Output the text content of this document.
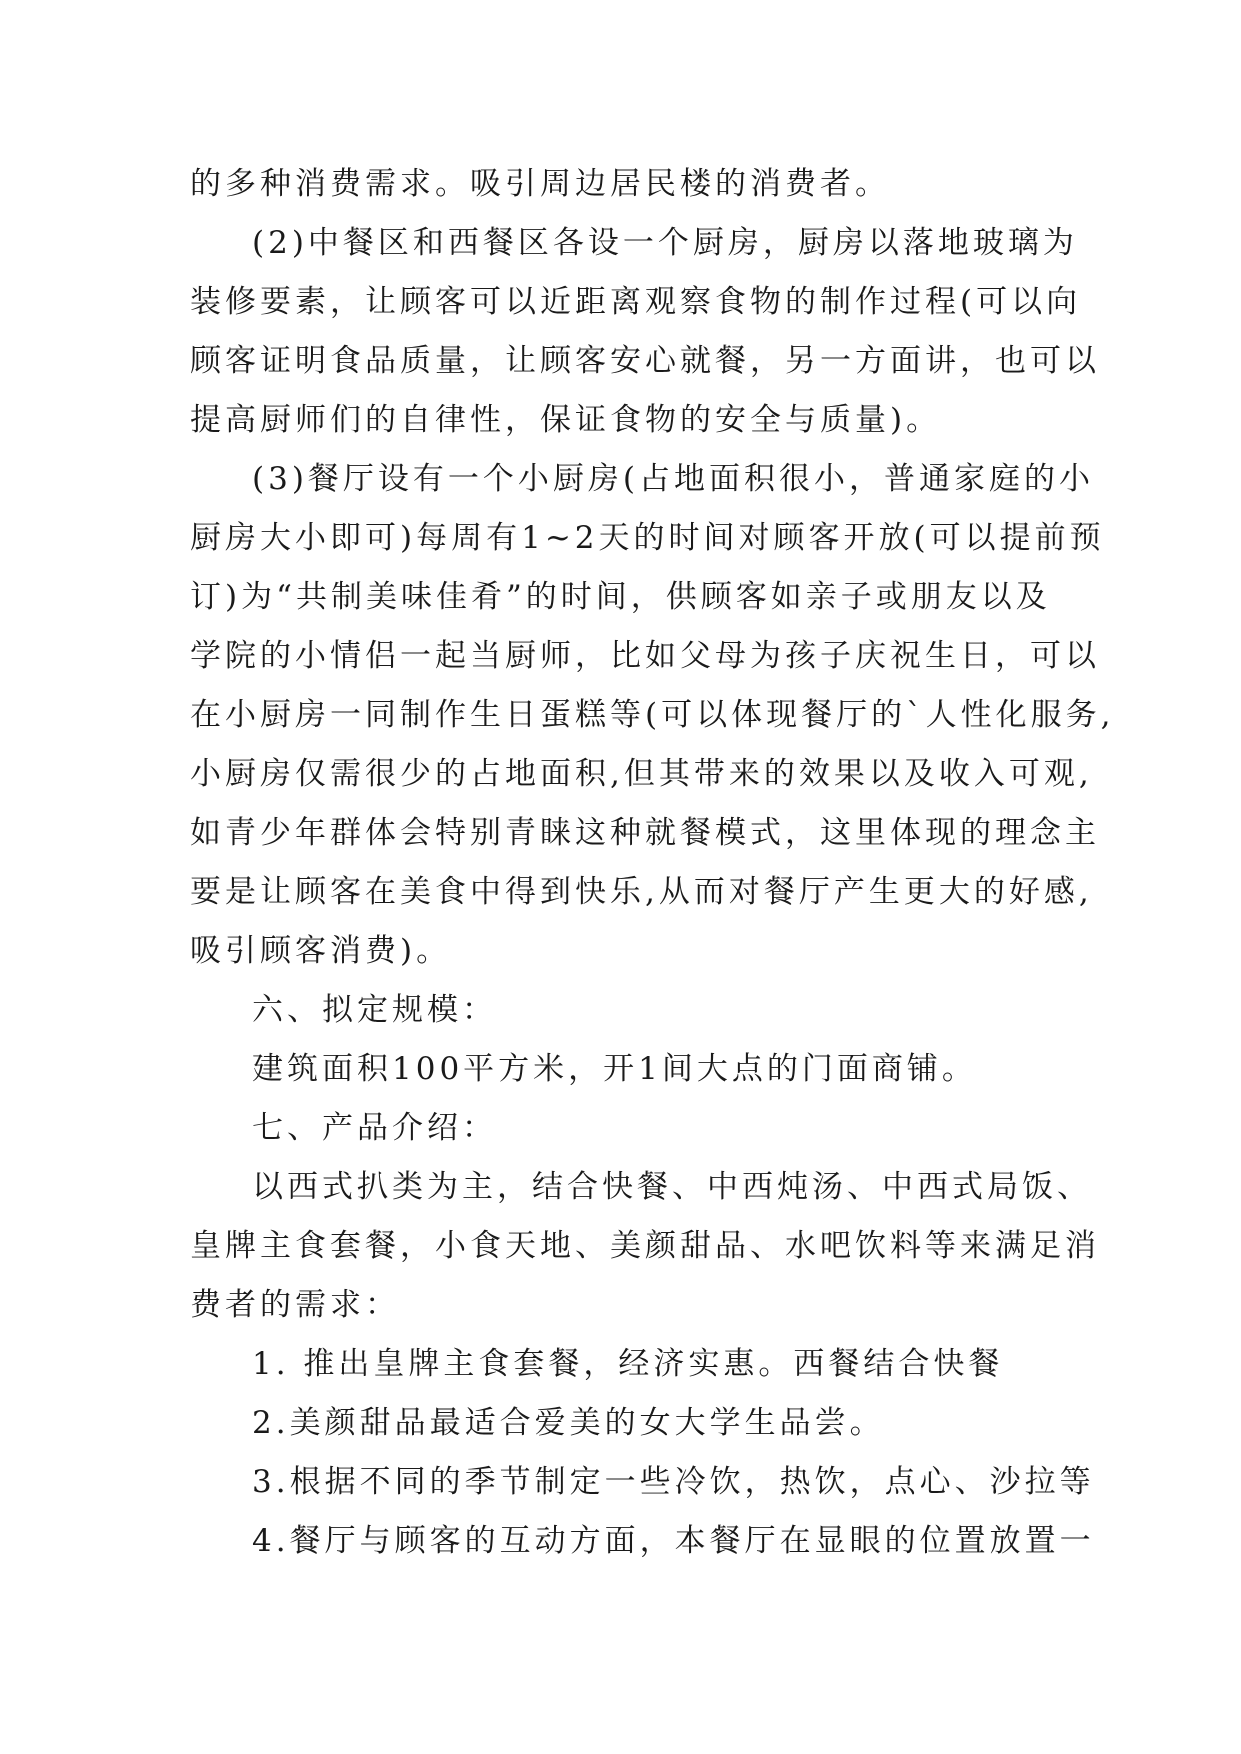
的多种消费需求。吸引周边居民楼的消费者。
(2)中餐区和西餐区各设一个厨房，厨房以落地玻璃为
装修要素，让顾客可以近距离观察食物的制作过程(可以向
顾客证明食品质量，让顾客安心就餐，另一方面讲，也可以
提高厨师们的自律性，保证食物的安全与质量)。
(3)餐厅设有一个小厨房(占地面积很小，普通家庭的小
厨房大小即可)每周有1~2天的时间对顾客开放(可以提前预
订)为“共制美味佳肴”的时间，供顾客如亲子或朋友以及
学院的小情侣一起当厨师，比如父母为孩子庆祝生日，可以
在小厨房一同制作生日蛋糕等(可以体现餐厅的`人性化服务,
小厨房仅需很少的占地面积,但其带来的效果以及收入可观,
如青少年群体会特别青睐这种就餐模式，这里体现的理念主
要是让顾客在美食中得到快乐,从而对餐厅产生更大的好感,
吸引顾客消费)。
六、拟定规模：
建筑面积100平方米，开1间大点的门面商铺。
七、产品介绍：
以西式扒类为主，结合快餐、中西炖汤、中西式局饭、
皇牌主食套餐，小食天地、美颜甜品、水吧饮料等来满足消
费者的需求：
1. 推出皇牌主食套餐，经济实惠。西餐结合快餐
2.美颜甜品最适合爱美的女大学生品尝。
3.根据不同的季节制定一些冷饮，热饮，点心、沙拉等
4.餐厅与顾客的互动方面，本餐厅在显眼的位置放置一
